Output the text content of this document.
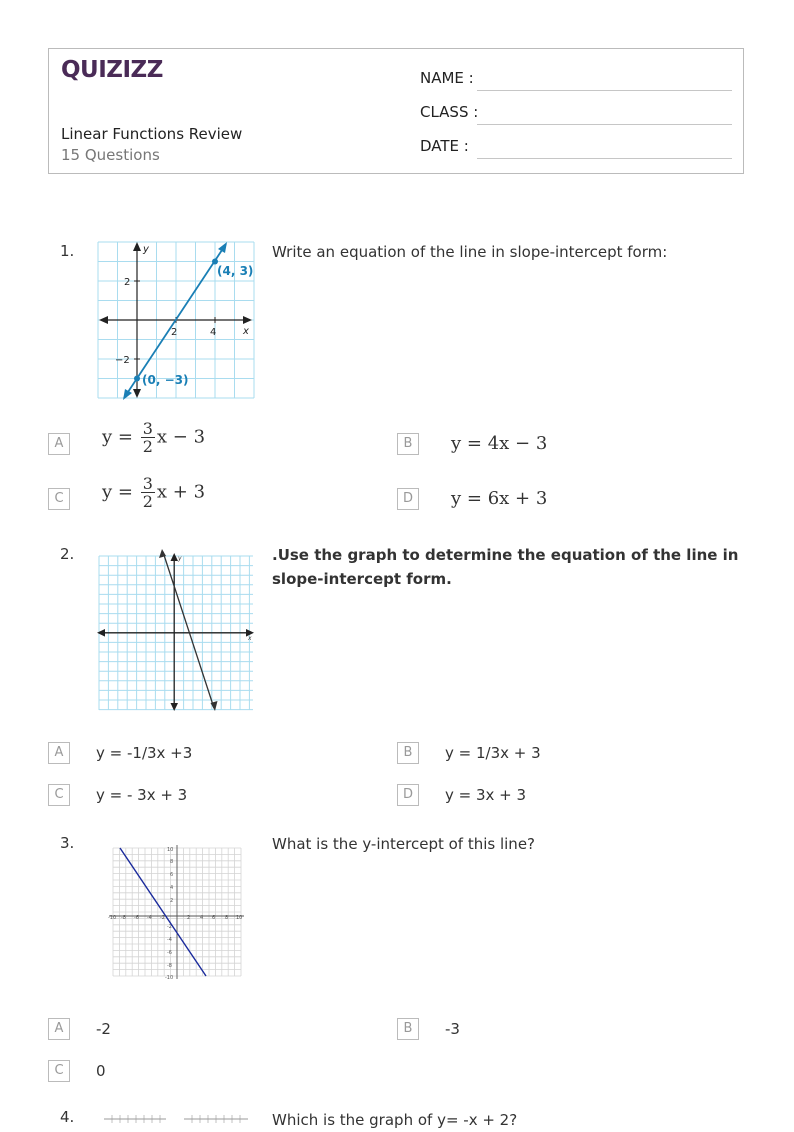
QUIZIZZ
Linear Functions Review
15 Questions
NAME :
CLASS :
DATE :
1.
x
y
2	4
2
−2
(4, 3)
(0, −3)
Write an equation of the line in slope-intercept form:
A	$y = \frac{3}{2}$ x − 3	B	y = 4x − 3
C	$y = \frac{3}{2}$ x + 3	D	y = 6x + 3
2.
x
y	.Use the graph to determine the equation of the line in slope-intercept form.
A	y = -1/3x +3	B	y = 1/3x + 3
C	y = - 3x + 3	D	y = 3x + 3
3.
-10 -8 -6 -4 -2	2 4 6 8 10
10
8
6
4
2
-2
-4
-6
-8
-10
What is the y-intercept of this line?
A	-2	B	-3
C	0
4.	Which is the graph of y= -x + 2?
